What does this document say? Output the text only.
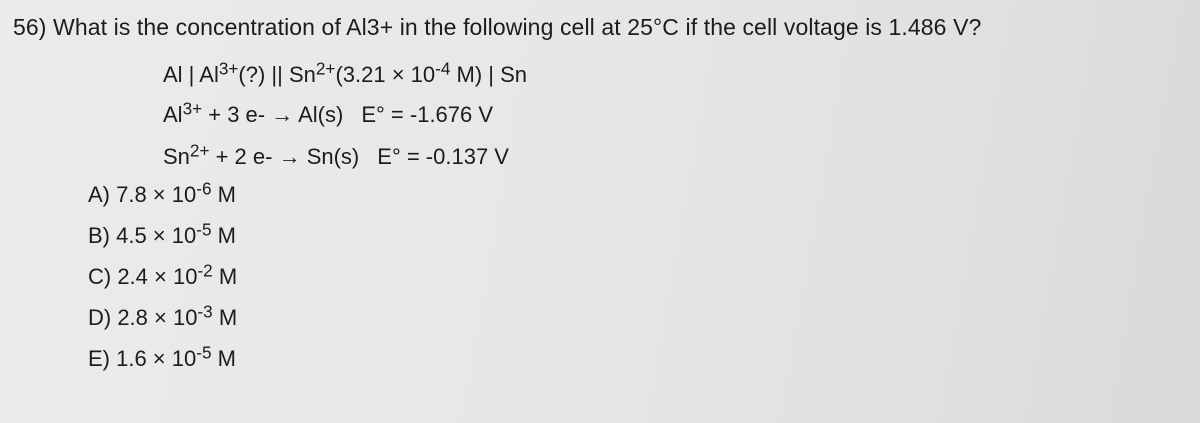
56) What is the concentration of Al3+ in the following cell at 25°C if the cell voltage is 1.486 V?
Al | $Al^{3+}(?)$ || $Sn^{2+}(3.21 \times 10^{-4}$ M) | Sn
$Al^{3+} + 3$ e- → Al(s) E° = -1.676 V
$Sn^{2+} + 2$ e- → Sn(s) E° = -0.137 V
A) $7.8 \times 10^{-6}$ M
B) $4.5 \times 10^{-5}$ M
C) $2.4 \times 10^{-2}$ M
D) $2.8 \times 10^{-3}$ M
E) $1.6 \times 10^{-5}$ M
